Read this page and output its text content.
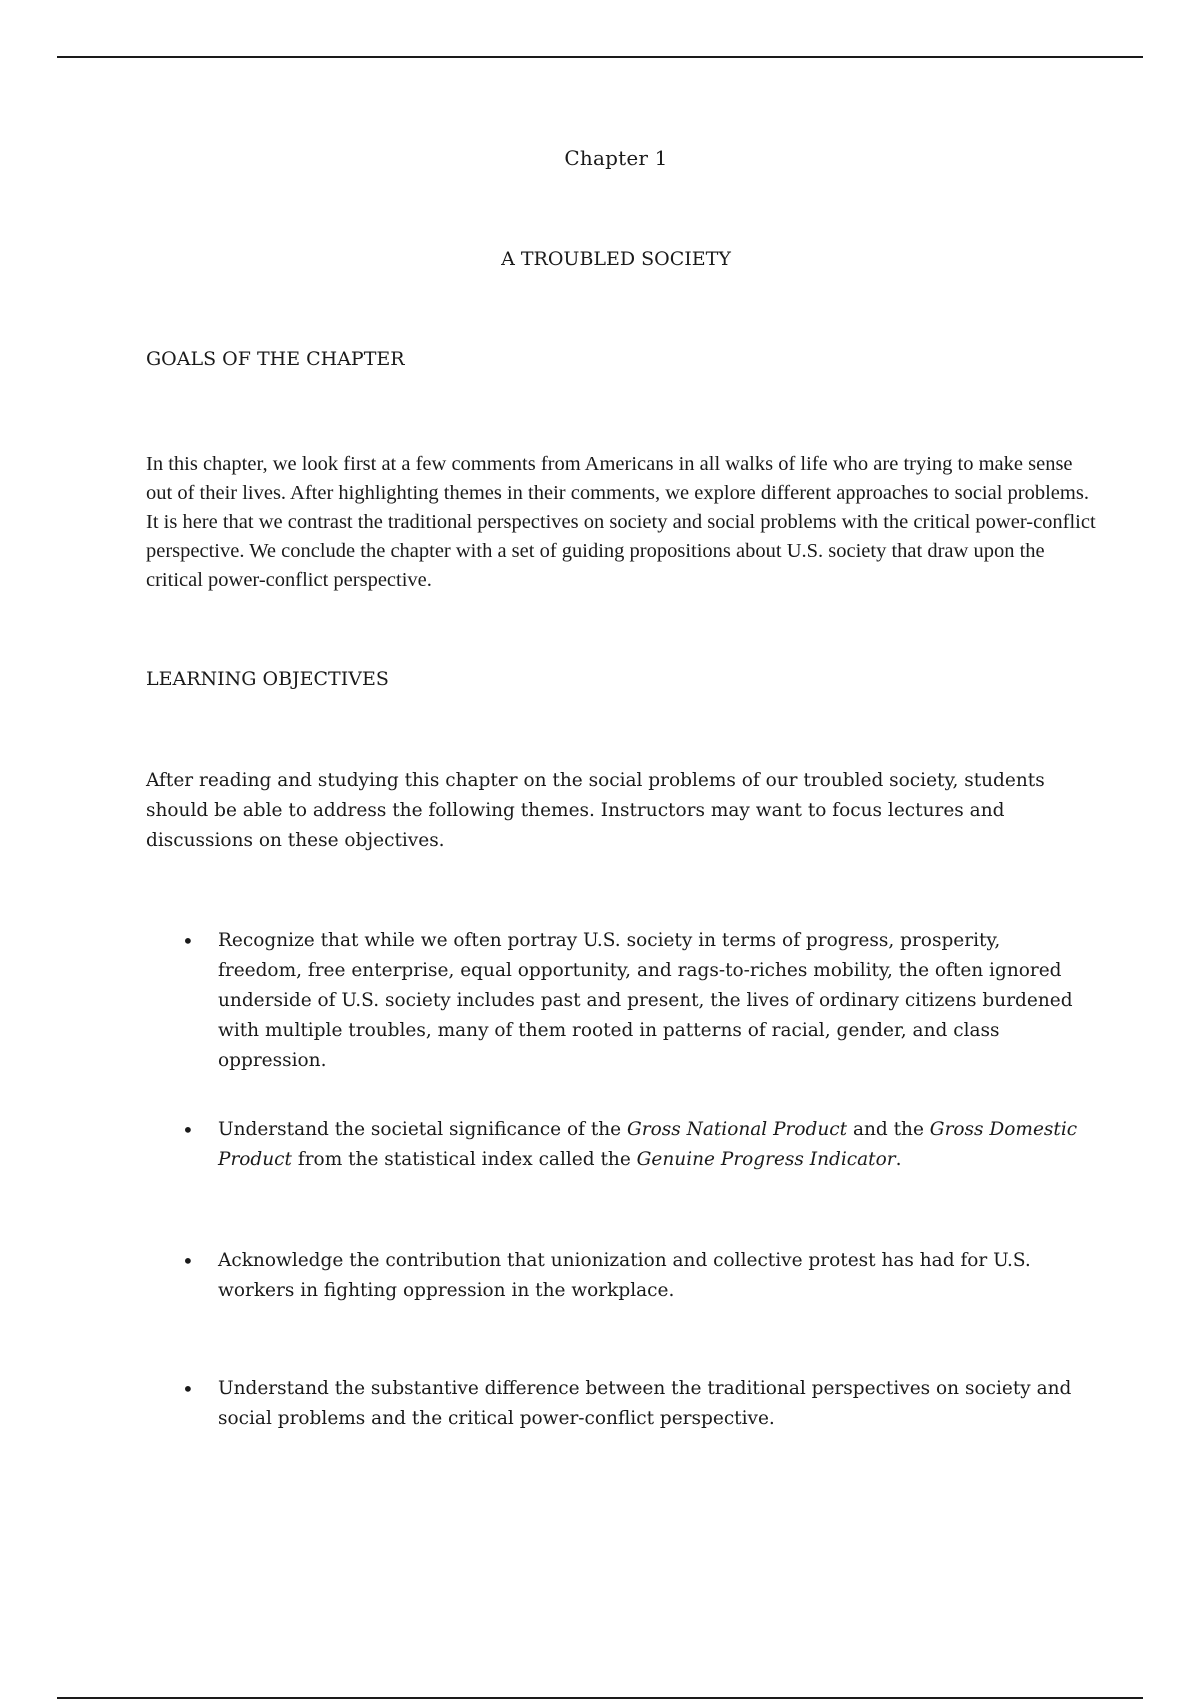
Chapter 1
A TROUBLED SOCIETY
GOALS OF THE CHAPTER
In this chapter, we look first at a few comments from Americans in all walks of life who are trying to make sense out of their lives. After highlighting themes in their comments, we explore different approaches to social problems. It is here that we contrast the traditional perspectives on society and social problems with the critical power-conflict perspective. We conclude the chapter with a set of guiding propositions about U.S. society that draw upon the critical power-conflict perspective.
LEARNING OBJECTIVES
After reading and studying this chapter on the social problems of our troubled society, students should be able to address the following themes. Instructors may want to focus lectures and discussions on these objectives.
• Recognize that while we often portray U.S. society in terms of progress, prosperity, freedom, free enterprise, equal opportunity, and rags-to-riches mobility, the often ignored underside of U.S. society includes past and present, the lives of ordinary citizens burdened with multiple troubles, many of them rooted in patterns of racial, gender, and class oppression.
• Understand the societal significance of the Gross National Product and the Gross Domestic Product from the statistical index called the Genuine Progress Indicator.
• Acknowledge the contribution that unionization and collective protest has had for U.S. workers in fighting oppression in the workplace.
• Understand the substantive difference between the traditional perspectives on society and social problems and the critical power-conflict perspective.
